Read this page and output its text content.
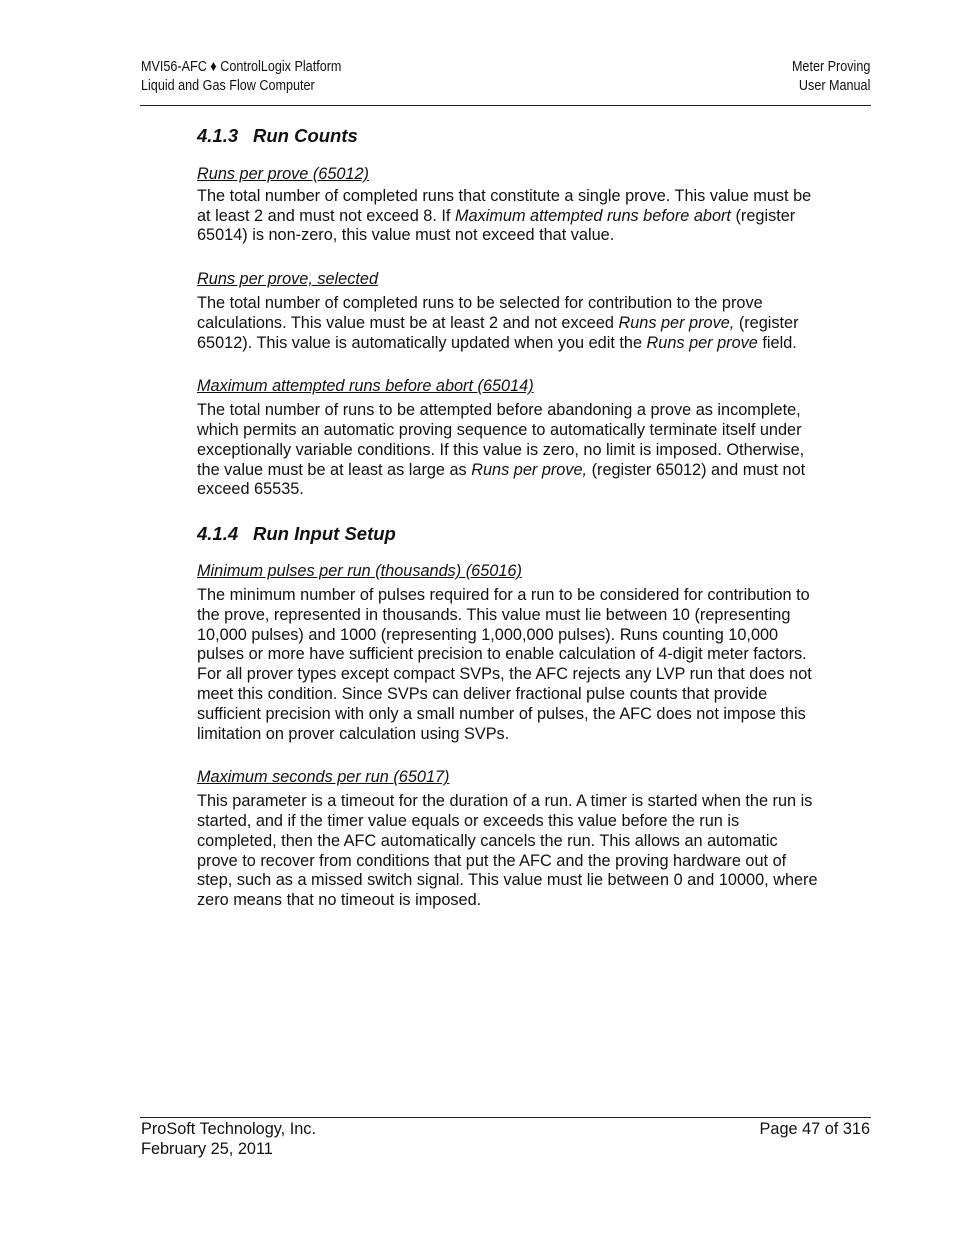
MVI56-AFC ♦ ControlLogix Platform
Liquid and Gas Flow Computer
Meter Proving
User Manual
4.1.3 Run Counts

Runs per prove (65012)

The total number of completed runs that constitute a single prove. This value must be at least 2 and must not exceed 8. If Maximum attempted runs before abort (register 65014) is non-zero, this value must not exceed that value.

Runs per prove, selected

The total number of completed runs to be selected for contribution to the prove calculations. This value must be at least 2 and not exceed Runs per prove, (register 65012). This value is automatically updated when you edit the Runs per prove field.

Maximum attempted runs before abort (65014)

The total number of runs to be attempted before abandoning a prove as incomplete, which permits an automatic proving sequence to automatically terminate itself under exceptionally variable conditions. If this value is zero, no limit is imposed. Otherwise, the value must be at least as large as Runs per prove, (register 65012) and must not exceed 65535.

4.1.4 Run Input Setup

Minimum pulses per run (thousands) (65016)

The minimum number of pulses required for a run to be considered for contribution to the prove, represented in thousands. This value must lie between 10 (representing 10,000 pulses) and 1000 (representing 1,000,000 pulses). Runs counting 10,000 pulses or more have sufficient precision to enable calculation of 4-digit meter factors. For all prover types except compact SVPs, the AFC rejects any LVP run that does not meet this condition. Since SVPs can deliver fractional pulse counts that provide sufficient precision with only a small number of pulses, the AFC does not impose this limitation on prover calculation using SVPs.

Maximum seconds per run (65017)

This parameter is a timeout for the duration of a run. A timer is started when the run is started, and if the timer value equals or exceeds this value before the run is completed, then the AFC automatically cancels the run. This allows an automatic prove to recover from conditions that put the AFC and the proving hardware out of step, such as a missed switch signal. This value must lie between 0 and 10000, where zero means that no timeout is imposed.

ProSoft Technology, Inc.
February 25, 2011
Page 47 of 316
